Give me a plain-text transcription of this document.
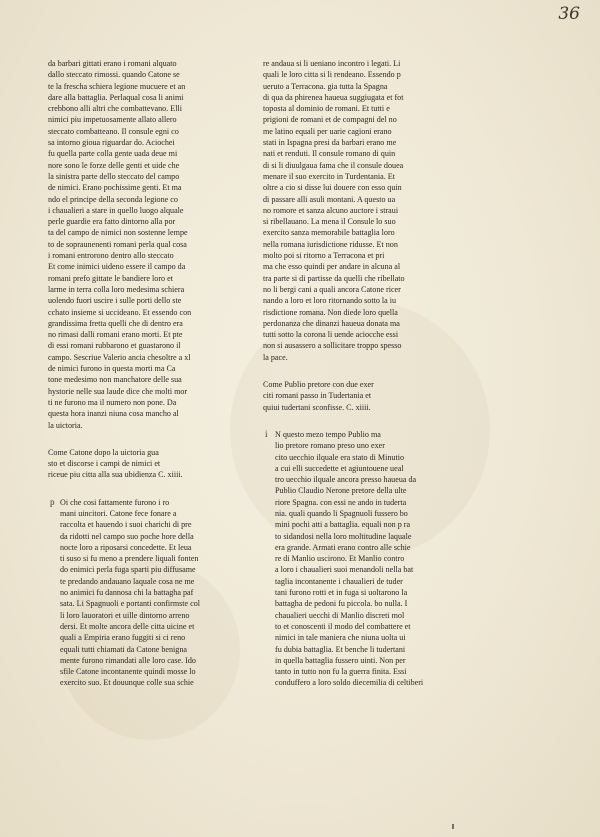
36
da barbari gittati erano i romani alquato
dallo steccato rimossi. quando Catone se
te la frescha schiera legione mucuere et an
dare alla battaglia. Perlaqual cosa li animi
crebbono alli altri che combattevano. Elli
nimici piu impetuosamente allato allero
steccato combatteano. Il consule egni co
sa intorno gioua riguardar do. Aciochei
fu quella parte colla gente uada deue mi
nore sono le forze delle genti et uide che
la sinistra parte dello steccato del campo
de nimici. Erano pochissime genti. Et ma
ndo el principe della seconda legione co
i chaualieri a stare in quello luogo alquale
perle guardie era fatto dintorno alla por
ta del campo de nimici non sostenne lempe
to de sopraunenenti romani perla qual cosa
i romani entrorono dentro allo steccato
Et come inimici uideno essere il campo da
romani prefo gittate le bandiere loro et
larme in terra colla loro medesima schiera
uolendo fuori uscire i sulle porti dello ste
cchato insieme si uccideano. Et essendo con
grandissima fretta quelli che di dentro era
no rimasi dalli romani erano morti. Et pte
di essi romani rubbarono et guastarono il
campo. Sescriue Valerio ancia chesoltre a xl
de nimici furono in questa morti ma Ca
tone medesimo non manchatore delle sua
hystorie nelle sua laude dice che molti mor
ti ne furono ma il numero non pone. Da
questa hora inanzi niuna cosa mancho al
la uictoria.
Come Catone dopo la uictoria gua
sto et discorse i campi de nimici et
riceue piu citta alla sua ubidienza C. xiiii.
p Oi che cosi fattamente furono i ro
mani uincitori. Catone fece fonare a
raccolta et hauendo i suoi charichi di pre
da ridotti nel campo suo poche hore della
nocte loro a riposarsi concedette. Et leua
ti suso si fu meno a prendere liquali fonten
do enimici perla fuga sparti piu diffusame
te predando andauano laquale cosa ne me
no animici fu dannosa chi la battagha paf
sata. Li Spagnuoli e portanti confirmste col
li loro lauoratori et uille dintorno arreno
dersi. Et molte ancora delle citta uicine et
quali a Empiria erano fuggiti si ci reno
equali tutti chiamati da Catone benigna
mente furono rimandati alle loro case. Ido
sfile Catone incontanente quindi mosse lo
exercito suo. Et douunque colle sua schie
re andaua si li ueniano incontro i legati. Li
quali le loro citta si li rendeano. Essendo p
ueruto a Terracona. gia tutta la Spagna
di qua da phirenea haueua suggiugata et fot
toposta al dominio de romani. Et tutti e
prigioni de romani et de compagni del no
me latino equali per uarie cagioni erano
stati in Ispagna presi da barbari erano me
nati et renduti. Il consule romano di quin
di si li diuulgaua fama che il consule douea
menare il suo exercito in Turdentania. Et
oltre a cio si disse lui douere con esso quin
di passare alli asuli montani. A questo ua
no romore et sanza alcuno auctore i straui
si ribellauano. La mena il Consule lo suo
exercito sanza memorabile battaglia loro
nella romana iurisdictione ridusse. Et non
molto poi si ritorno a Terracona et pri
ma che esso quindi per andare in alcuna al
tra parte si di partisse da quelli che ribellato
no li bergi cani a quali ancora Catone ricer
nando a loro et loro ritornando sotto la iu
risdictione romana. Non diede loro quella
perdonanza che dinanzi haueua donata ma
tutti sotto la corona li uende aciocche essi
non si ausassero a sollicitare troppo spesso
la pace.
Come Publio pretore con due exer
citi romani passo in Tudertania et
quiui tudertani sconfisse. C. xiiii.
i N questo mezo tempo Publio ma
lio pretore romano preso uno exer
cito uecchio ilquale era stato di Minutio
a cui elli succedette et agiuntouene ueal
tro uecchio ilquale ancora presso haueua da
Publio Claudio Nerone pretore della ulte
riore Spagna. con essi ne ando in tuderta
nia. quali quando li Spagnuoli fussero bo
mini pochi atti a battaglia. equali non p ra
to sidandosi nella loro moltitudine laquale
era grande. Armati erano contro alle schie
re di Manlio uscirono. Et Manlio contro
a loro i chaualieri suoi menandoli nella bat
taglia incontanente i chaualieri de tuder
tani furono rotti et in fuga si uoltarono la
battagha de pedoni fu piccola. bo nulla. I
chaualieri uecchi di Manlio discreti mol
to et conoscenti il modo del combattere et
nimici in tale maniera che niuna uolta ui
fu dubia battaglia. Et benche li tudertani
in quella battaglia fussero uinti. Non per
tanto in tutto non fu la guerra finita. Essi
conduffero a loro soldo diecemilia di celtiberi
